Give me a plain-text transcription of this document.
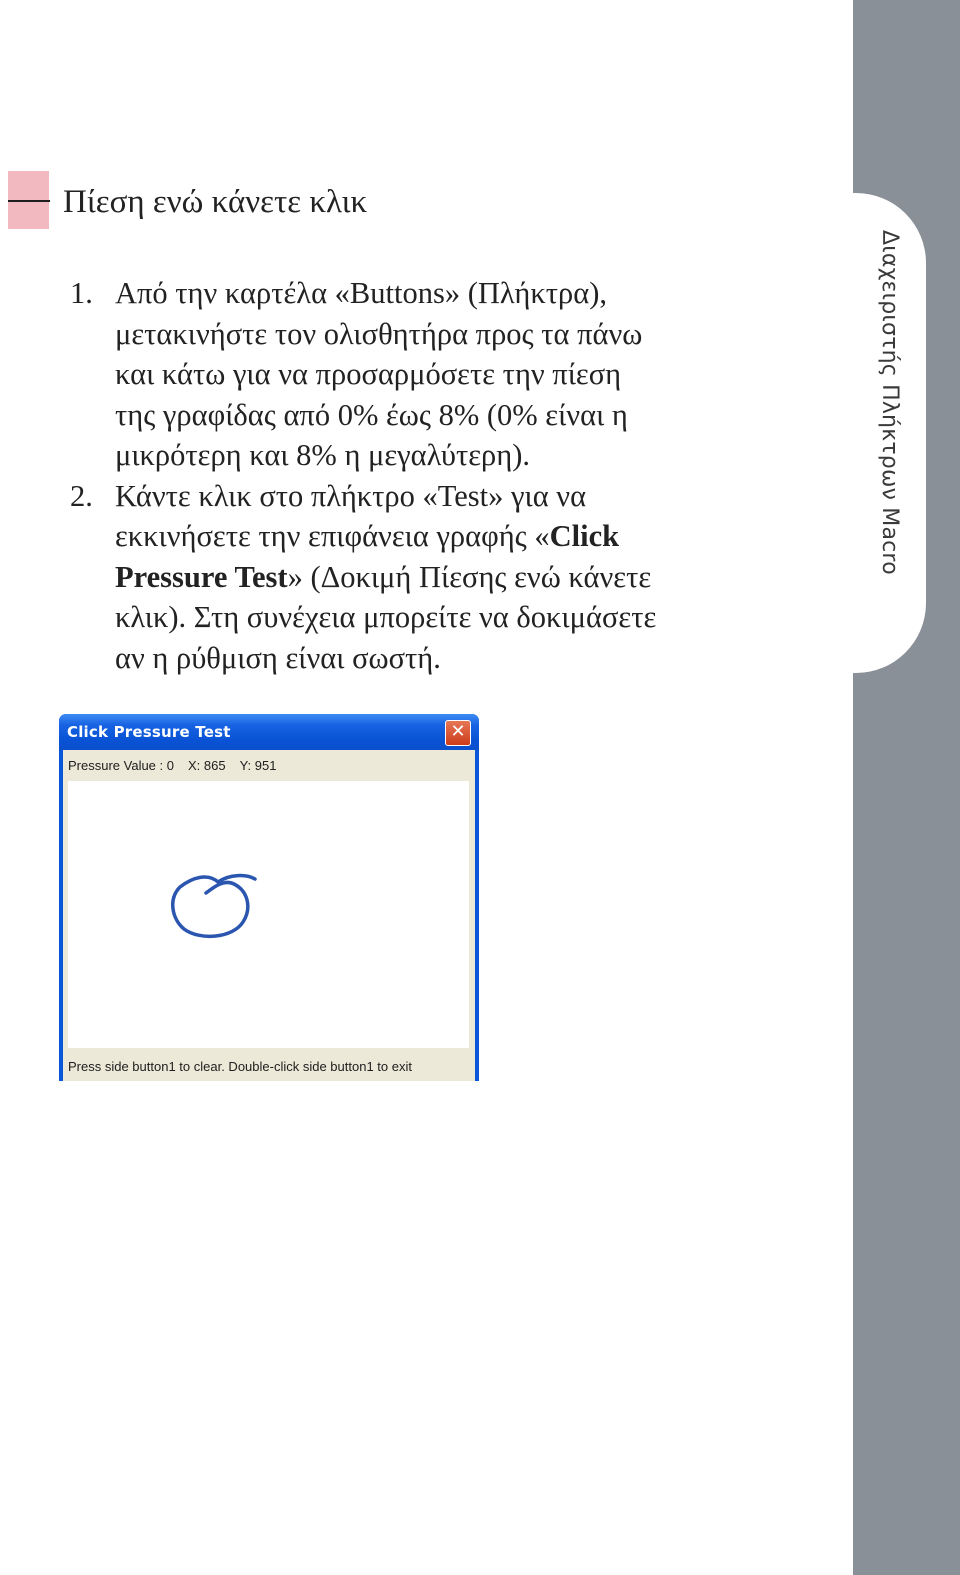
Διαχειριστής Πλήκτρων Macro
Πίεση ενώ κάνετε κλικ
1. Από την καρτέλα «Buttons» (Πλήκτρα),
μετακινήστε τον ολισθητήρα προς τα πάνω
και κάτω για να προσαρμόσετε την πίεση
της γραφίδας από 0% έως 8% (0% είναι η
μικρότερη και 8% η μεγαλύτερη).
2. Κάντε κλικ στο πλήκτρο «Test» για να
εκκινήσετε την επιφάνεια γραφής «Click
Pressure Test» (Δοκιμή Πίεσης ενώ κάνετε
κλικ). Στη συνέχεια μπορείτε να δοκιμάσετε
αν η ρύθμιση είναι σωστή.
Click Pressure Test	✕
Pressure Value : 0 X: 865 Y: 951
Press side button1 to clear. Double-click side button1 to exit
